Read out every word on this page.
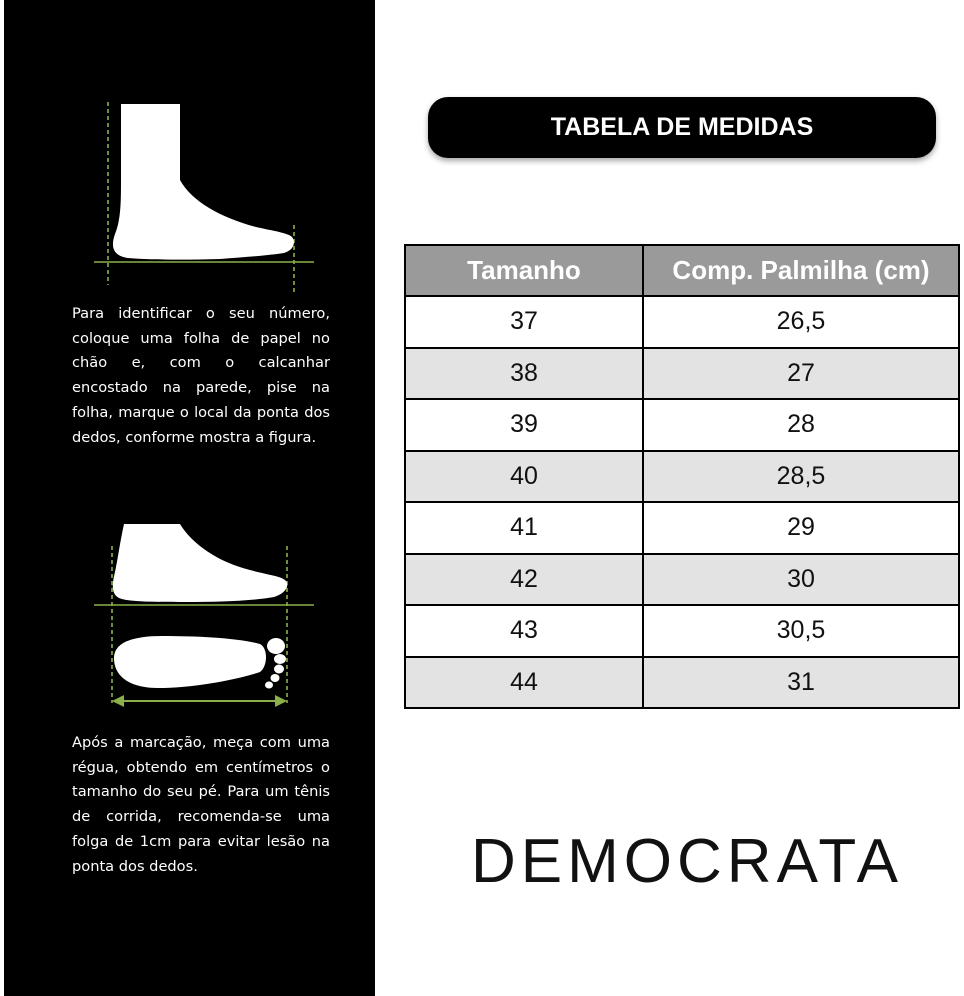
Para identificar o seu número, coloque uma folha de papel no chão e, com o calcanhar encostado na parede, pise na folha, marque o local da ponta dos dedos, conforme mostra a figura.

Após a marcação, meça com uma régua, obtendo em centímetros o tamanho do seu pé. Para um tênis de corrida, recomenda-se uma folga de 1cm para evitar lesão na ponta dos dedos.

TABELA DE MEDIDAS
Tamanho	Comp. Palmilha (cm)
37	26,5
38	27
39	28
40	28,5
41	29
42	30
43	30,5
44	31

DEMOCRATA
